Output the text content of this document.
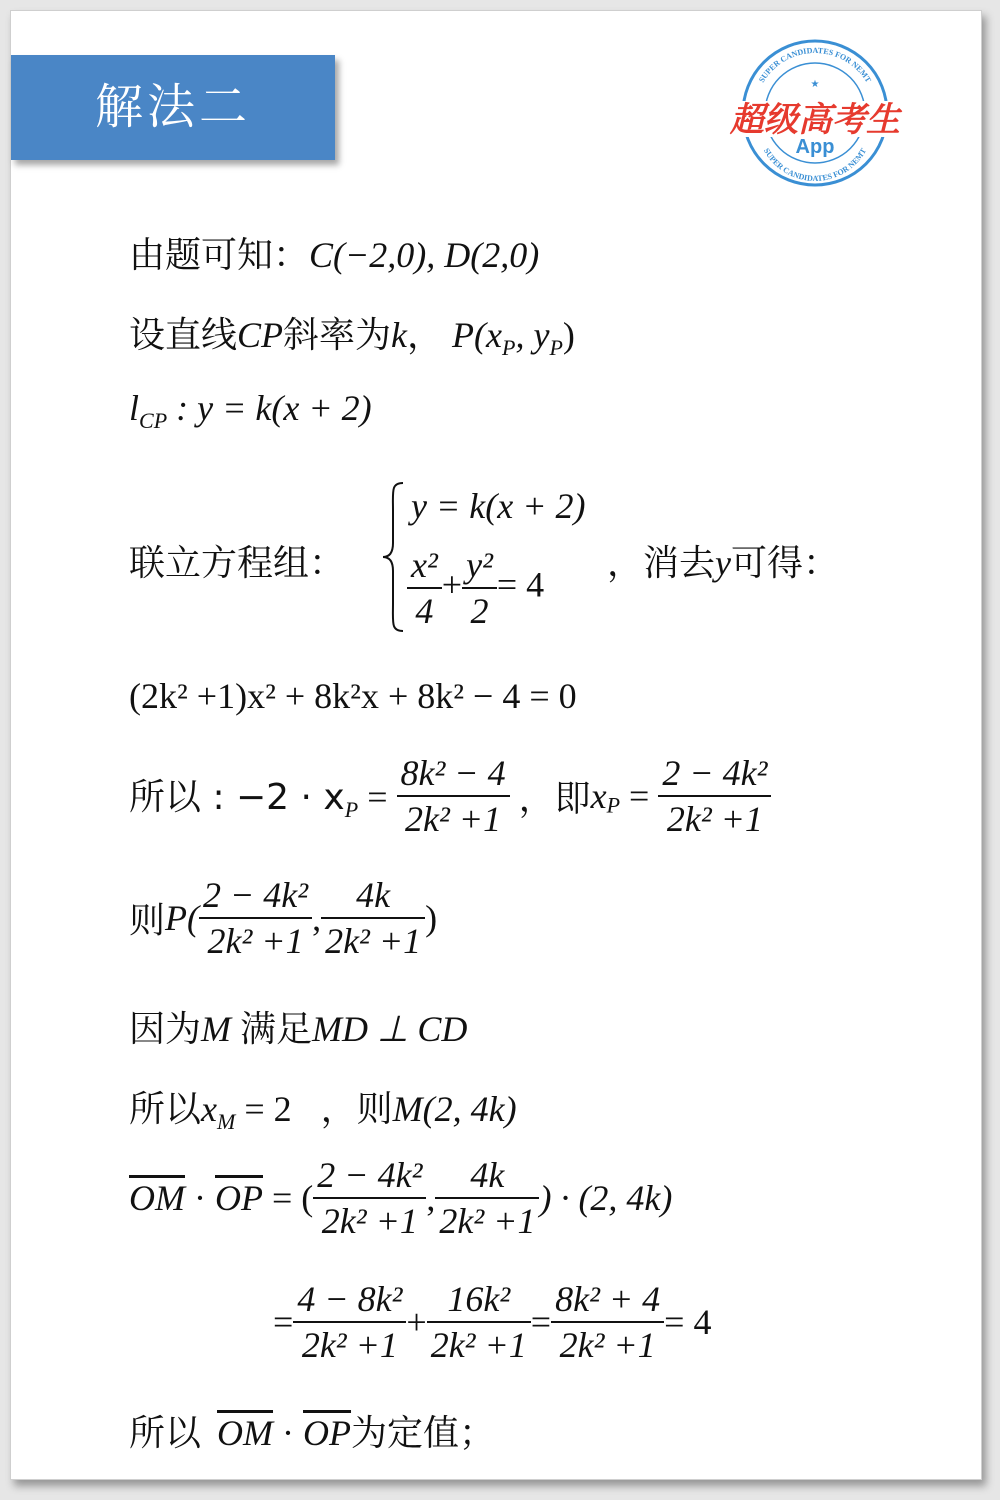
解法二	SUPER CANDIDATES FOR NEMT
SUPER CANDIDATES FOR NEMT
★
超级高考生
App
由题可知：C(−2,0), D(2,0)
设直线CP斜率为k， $P(x_P$, $y_P$)
$l_{CP}$ : y = k(x + 2)
联立方程组：
y = k(x + 2)
$\frac{\text{x²}}{4} + \frac{\text{y²}}{2} = 4$
，消去y可得：
(2k² +1)x² + 8k²x + 8k² − 4 = 0
所以 : $-2 \cdot x_P = \frac{\text{8k² − 4}}{\text{2k² +1}}$ ，即$x_P = \frac{\text{2 − 4k²}}{\text{2k² +1}}$
则$P( \frac{\text{2 − 4k²}}{\text{2k² +1}}$ , $\frac{4k}{\text{2k² +1}}$ )
因为M 满足MD ⊥ CD
所以$x_M = 2$ ，则M(2, 4k)
$\overline{OM} \cdot \overline{OP}$ = ( $\frac{\text{2 − 4k²}}{\text{2k² +1}}$ , $\frac{4k}{\text{2k² +1}}$ ) · (2, 4k)
= $\frac{\text{4 − 8k²}}{\text{2k² +1}} + \frac{\text{16k²}}{\text{2k² +1}} = \frac{\text{8k² + 4}}{\text{2k² +1}} = 4$
所以 $\overline{OM} \cdot \overline{OP}$为定值；
